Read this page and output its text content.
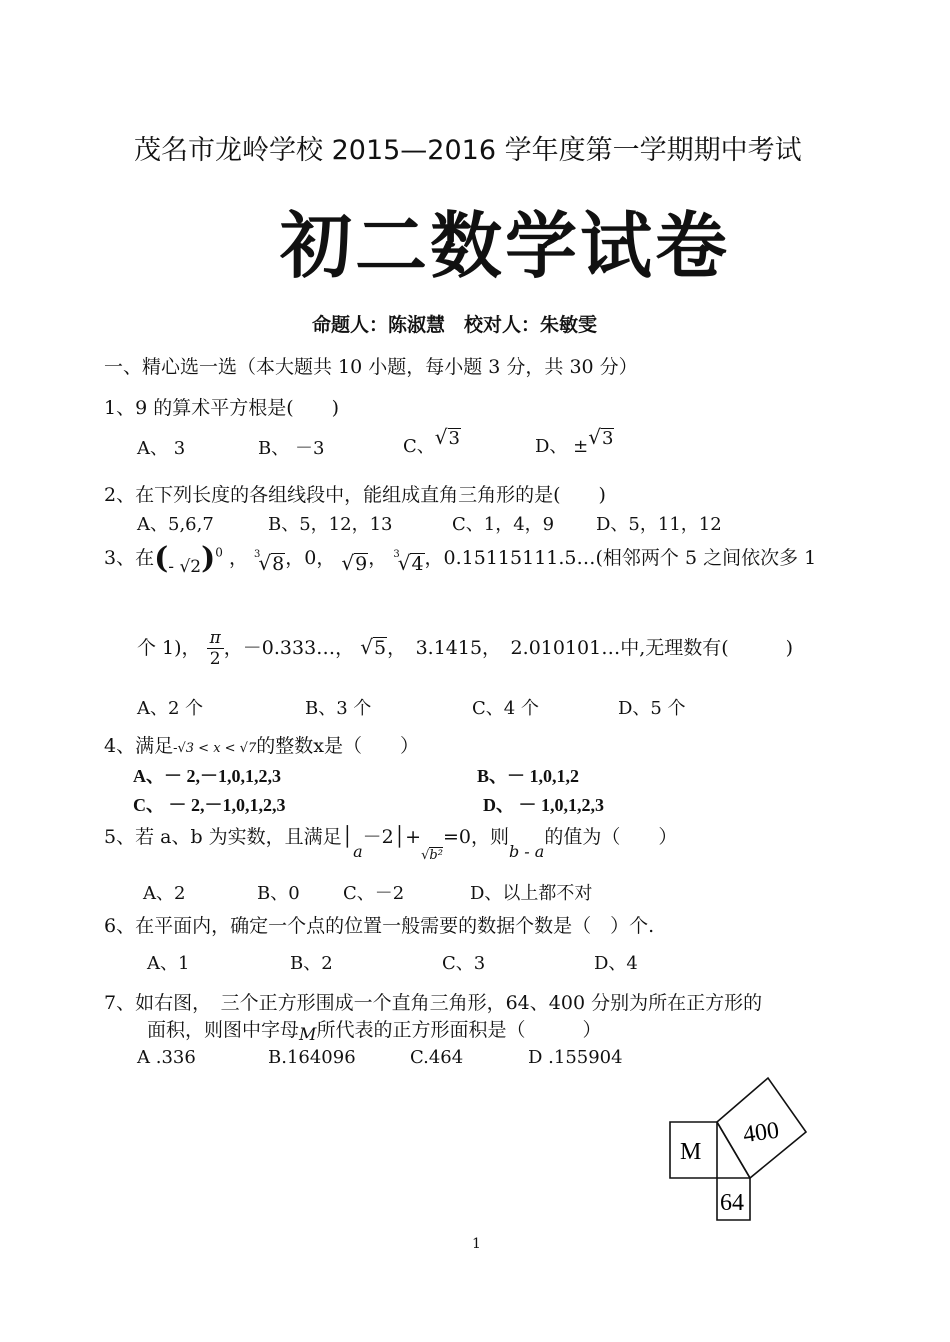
茂名市龙岭学校 2015—2016 学年度第一学期期中考试
初二数学试卷
命题人：陈淑慧　校对人：朱敏雯
一、精心选一选（本大题共 10 小题，每小题 3 分，共 30 分）
1、9 的算术平方根是(　　)
A、 3	B、 －3	C、√3	D、 ±√3
2、在下列长度的各组线段中，能组成直角三角形的是(　　)
A、5,6,7	B、5，12，13	C、1，4，9 D、5，11，12
3、在(- √2)$^0$ ， $^3$√8，0， √9， $^3$√4，0.15115111.5…(相邻两个 5 之间依次多 1
个 1)， $\frac{\pi}{2}$ ，－0.333…， √5，　3.1415，　2.010101…中,无理数有(　　　)
A、2 个	B、3 个	C、4 个	D、5 个
4、满足-√3 < x < √7的整数x是（　　）
A、－ 2,－1,0,1,2,3	B、－ 1,0,1,2
C、 － 2,－1,0,1,2,3	D、 － 1,0,1,2,3
5、若 a、b 为实数，且满足$│_a-2│+_{√b^2}=0$，则$_{b - a}$的值为（　　）
A、2	B、0 C、－2	D、以上都不对
6、在平面内，确定一个点的位置一般需要的数据个数是（　）个.
A、1	B、2	C、3	D、4
7、如右图，　三个正方形围成一个直角三角形，64、400 分别为所在正方形的
面积，则图中字母M所代表的正方形面积是（　　　）
A .336	B.164096	C.464	D .155904
M
400
64
1
